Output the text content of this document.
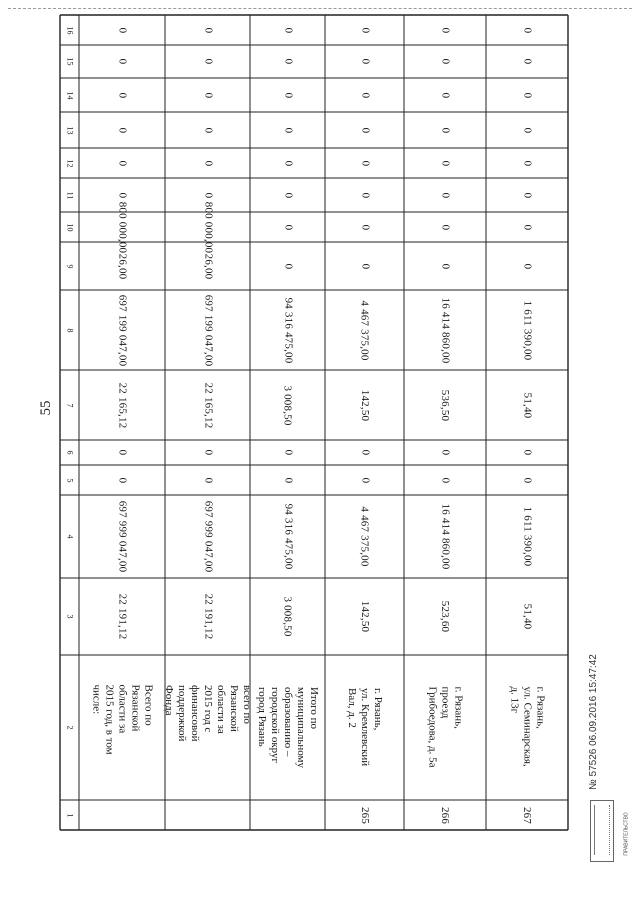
55
16
15
14
13
12
11
10
9
8
7
6
5
4
3
2
1
0
0
0
0
0
0
800 000,00
26,00
697 199 047,00
22 165,12
0
0
697 999 047,00
22 191,12
Всего по Рязанской области за
2015 год, в том числе:
0
0
0
0
0
0
800 000,00
26,00
697 199 047,00
22 165,12
0
0
697 999 047,00
22 191,12
всего по Рязанской области за
2015 год с финансовой
поддержкой Фонда
0
0
0
0
0
0
0
0
94 316 475,00
3 008,50
0
0
94 316 475,00
3 008,50
Итого по муниципальному
образованию – городской округ
город Рязань
0
0
0
0
0
0
0
0
4 467 375,00
142,50
0
0
4 467 375,00
142,50
г. Рязань,
ул. Кремлевский Вал, д. 2
265
0
0
0
0
0
0
0
0
16 414 860,00
536,50
0
0
16 414 860,00
523,60
г. Рязань,
проезд Грибоедова, д. 5а
266
0
0
0
0
0
0
0
0
1 611 390,00
51,40
0
0
1 611 390,00
51,40
г. Рязань,
ул. Семинарская, д. 13г
267
№ 57526 06.09.2016 15:47:42
ПРАВИТЕЛЬСТВО
